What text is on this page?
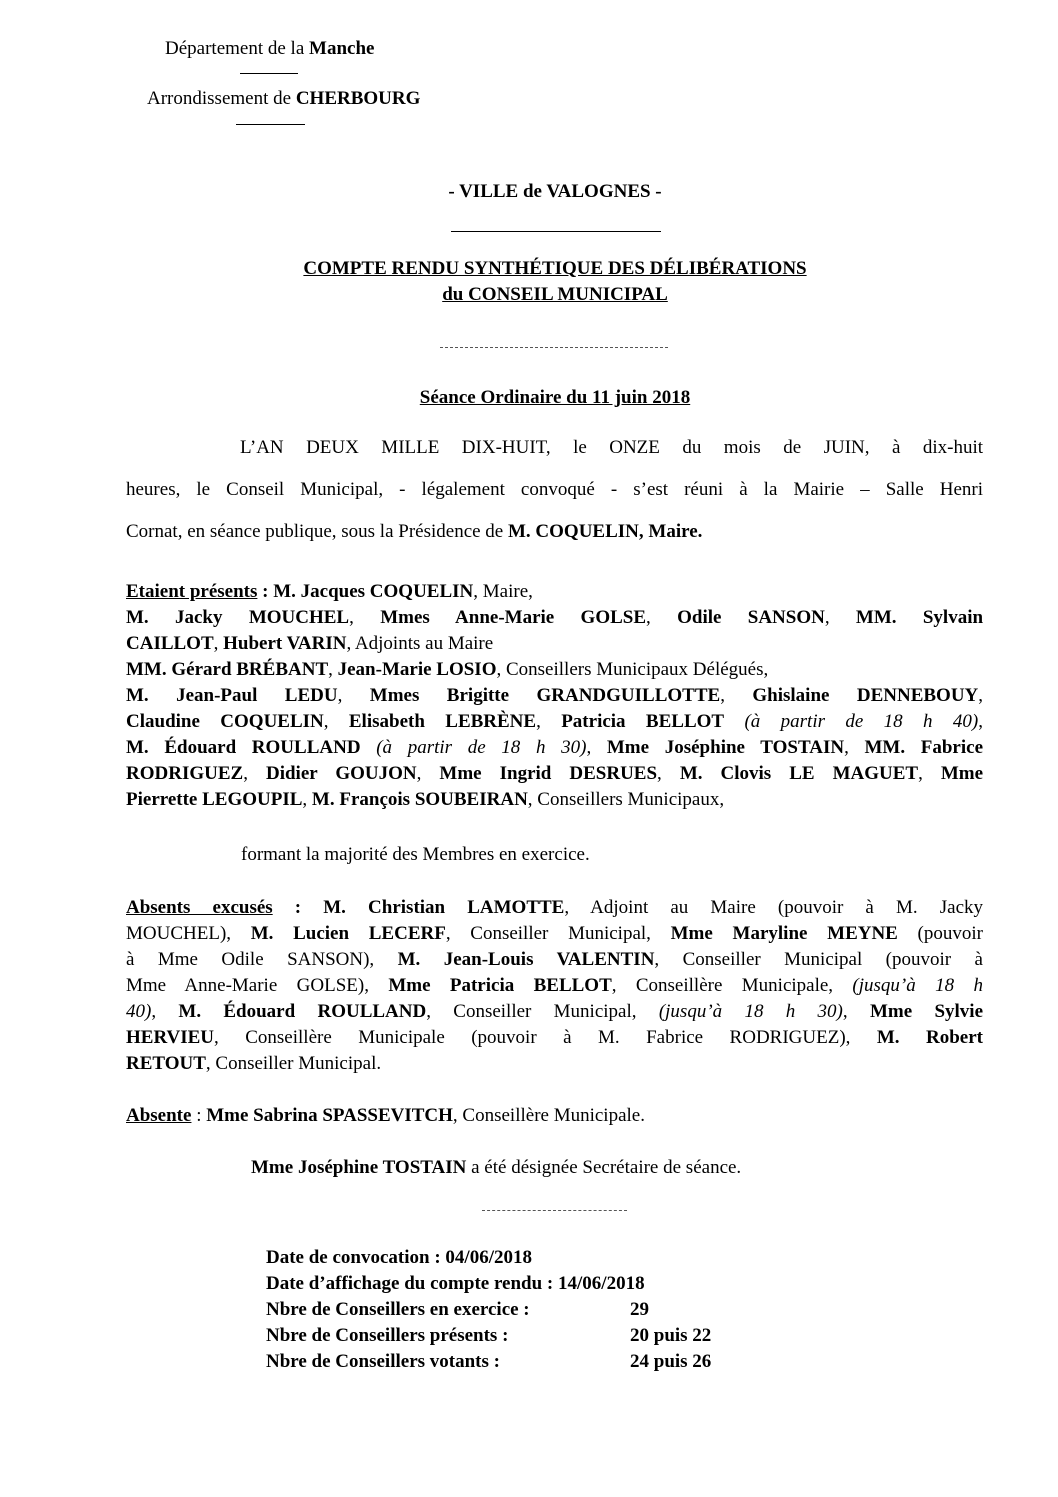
Département de la Manche
Arrondissement de CHERBOURG
- VILLE de VALOGNES -
COMPTE RENDU SYNTHÉTIQUE DES DÉLIBÉRATIONS
du CONSEIL MUNICIPAL
Séance Ordinaire du 11 juin 2018
L’AN DEUX MILLE DIX-HUIT, le ONZE du mois de JUIN, à dix-huit
heures, le Conseil Municipal, - légalement convoqué - s’est réuni à la Mairie – Salle Henri
Cornat, en séance publique, sous la Présidence de M. COQUELIN, Maire.
Etaient présents : M. Jacques COQUELIN, Maire,
M. Jacky MOUCHEL, Mmes Anne-Marie GOLSE, Odile SANSON, MM. Sylvain
CAILLOT, Hubert VARIN, Adjoints au Maire
MM. Gérard BRÉBANT, Jean-Marie LOSIO, Conseillers Municipaux Délégués,
M. Jean-Paul LEDU, Mmes Brigitte GRANDGUILLOTTE, Ghislaine DENNEBOUY,
Claudine COQUELIN, Elisabeth LEBRÈNE, Patricia BELLOT (à partir de 18 h 40),
M. Édouard ROULLAND (à partir de 18 h 30), Mme Joséphine TOSTAIN, MM. Fabrice
RODRIGUEZ, Didier GOUJON, Mme Ingrid DESRUES, M. Clovis LE MAGUET, Mme
Pierrette LEGOUPIL, M. François SOUBEIRAN, Conseillers Municipaux,
formant la majorité des Membres en exercice.
Absents excusés : M. Christian LAMOTTE, Adjoint au Maire (pouvoir à M. Jacky
MOUCHEL), M. Lucien LECERF, Conseiller Municipal, Mme Maryline MEYNE (pouvoir
à Mme Odile SANSON), M. Jean-Louis VALENTIN, Conseiller Municipal (pouvoir à
Mme Anne-Marie GOLSE), Mme Patricia BELLOT, Conseillère Municipale, (jusqu’à 18 h
40), M. Édouard ROULLAND, Conseiller Municipal, (jusqu’à 18 h 30), Mme Sylvie
HERVIEU, Conseillère Municipale (pouvoir à M. Fabrice RODRIGUEZ), M. Robert
RETOUT, Conseiller Municipal.
Absente : Mme Sabrina SPASSEVITCH, Conseillère Municipale.
Mme Joséphine TOSTAIN a été désignée Secrétaire de séance.
Date de convocation : 04/06/2018
Date d’affichage du compte rendu : 14/06/2018
Nbre de Conseillers en exercice :	29
Nbre de Conseillers présents :	20 puis 22
Nbre de Conseillers votants :	24 puis 26
